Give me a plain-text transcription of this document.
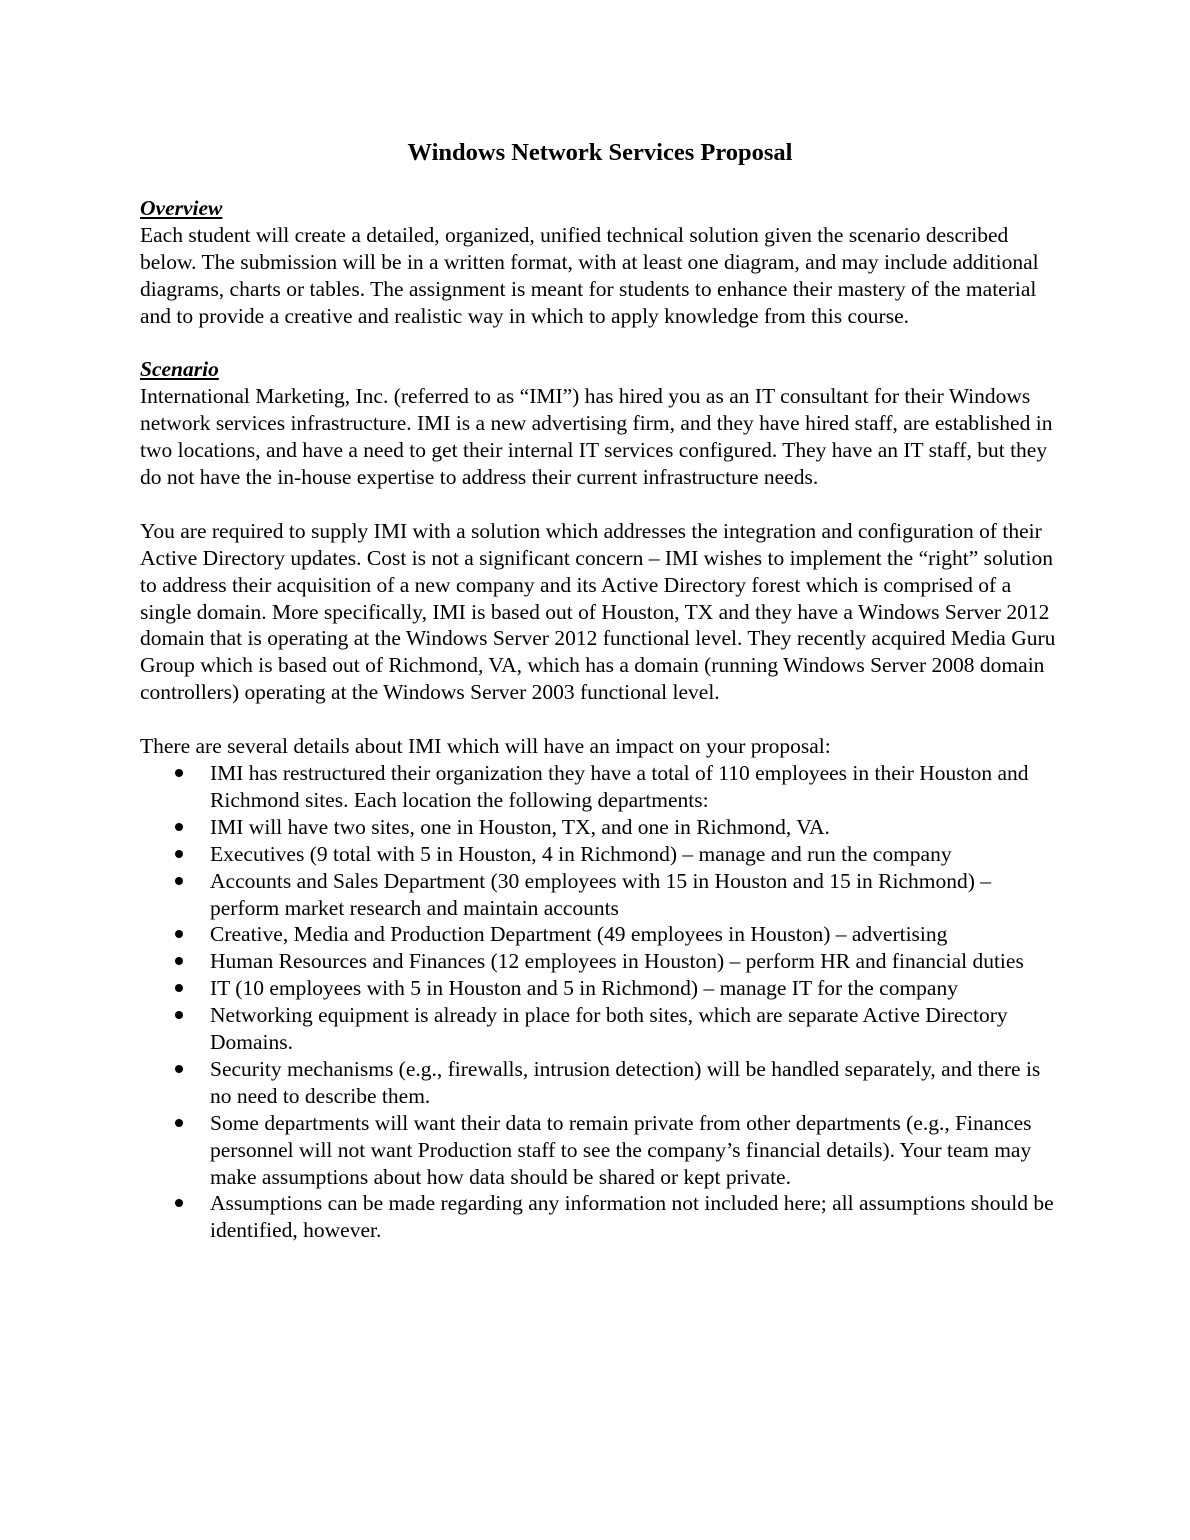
Windows Network Services Proposal

Overview

Each student will create a detailed, organized, unified technical solution given the scenario described below. The submission will be in a written format, with at least one diagram, and may include additional diagrams, charts or tables. The assignment is meant for students to enhance their mastery of the material and to provide a creative and realistic way in which to apply knowledge from this course.

Scenario

International Marketing, Inc. (referred to as “IMI”) has hired you as an IT consultant for their Windows network services infrastructure. IMI is a new advertising firm, and they have hired staff, are established in two locations, and have a need to get their internal IT services configured. They have an IT staff, but they do not have the in-house expertise to address their current infrastructure needs.

You are required to supply IMI with a solution which addresses the integration and configuration of their Active Directory updates. Cost is not a significant concern – IMI wishes to implement the “right” solution to address their acquisition of a new company and its Active Directory forest which is comprised of a single domain. More specifically, IMI is based out of Houston, TX and they have a Windows Server 2012 domain that is operating at the Windows Server 2012 functional level. They recently acquired Media Guru Group which is based out of Richmond, VA, which has a domain (running Windows Server 2008 domain controllers) operating at the Windows Server 2003 functional level.

There are several details about IMI which will have an impact on your proposal:

IMI has restructured their organization they have a total of 110 employees in their Houston and Richmond sites. Each location the following departments:
IMI will have two sites, one in Houston, TX, and one in Richmond, VA.
Executives (9 total with 5 in Houston, 4 in Richmond) – manage and run the company
Accounts and Sales Department (30 employees with 15 in Houston and 15 in Richmond) – perform market research and maintain accounts
Creative, Media and Production Department (49 employees in Houston) – advertising
Human Resources and Finances (12 employees in Houston) – perform HR and financial duties
IT (10 employees with 5 in Houston and 5 in Richmond) – manage IT for the company
Networking equipment is already in place for both sites, which are separate Active Directory Domains.
Security mechanisms (e.g., firewalls, intrusion detection) will be handled separately, and there is no need to describe them.
Some departments will want their data to remain private from other departments (e.g., Finances personnel will not want Production staff to see the company’s financial details). Your team may make assumptions about how data should be shared or kept private.
Assumptions can be made regarding any information not included here; all assumptions should be identified, however.
